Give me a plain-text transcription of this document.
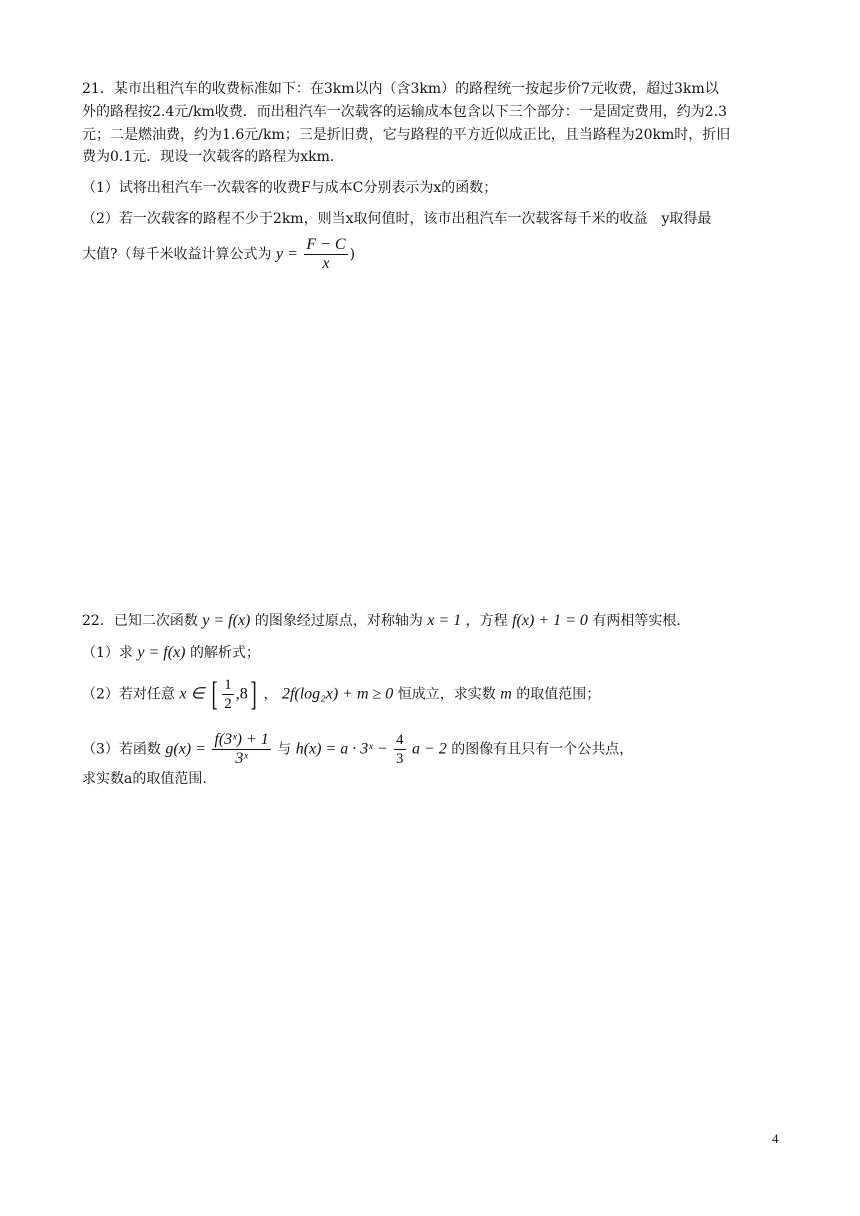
21．某市出租汽车的收费标准如下：在3km以内（含3km）的路程统一按起步价7元收费，超过3km以
外的路程按2.4元/km收费．而出租汽车一次载客的运输成本包含以下三个部分：一是固定费用，约为2.3
元；二是燃油费，约为1.6元/km；三是折旧费，它与路程的平方近似成正比，且当路程为20km时，折旧
费为0.1元．现设一次载客的路程为xkm．
（1）试将出租汽车一次载客的收费F与成本C分别表示为x的函数；
（2）若一次载客的路程不少于2km，则当x取何值时，该市出租汽车一次载客每千米的收益　y取得最
大值?（每千米收益计算公式为 $y = \frac{F - C}{x}$ )
22．已知二次函数 y = f(x) 的图象经过原点，对称轴为 x = 1 ，方程 f(x) + 1 = 0 有两相等实根.
（1）求 y = f(x) 的解析式；
（2）若对任意 x ∈ [ $\frac{1}{2} ,8$] ， 2f(log₂x) + m ≥ 0 恒成立，求实数 m 的取值范围；
（3）若函数 $g(x) = \frac{\text{f(3ˣ) + 1}}{\text{3ˣ}}$ 与 h(x) = a · 3ˣ − $\frac{4}{3}$ a − 2 的图像有且只有一个公共点，
求实数a的取值范围.
4
